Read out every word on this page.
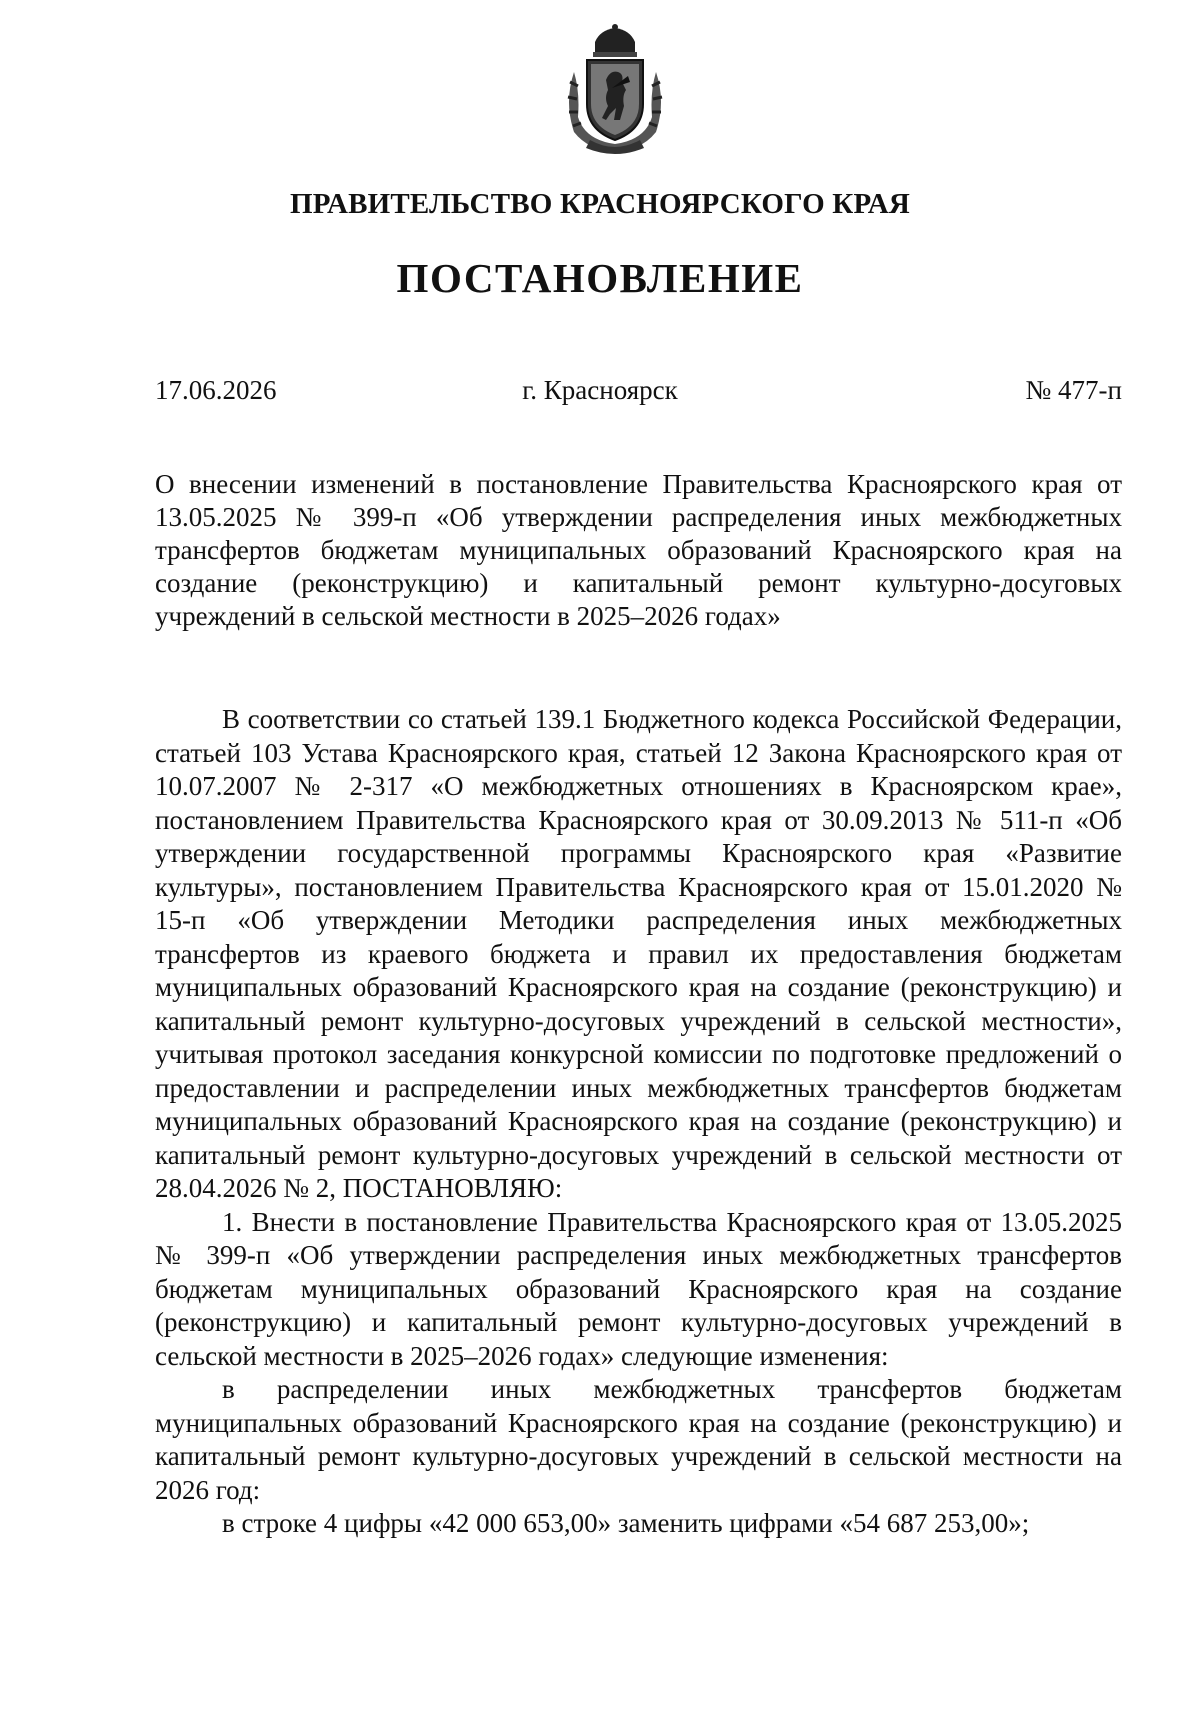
ПРАВИТЕЛЬСТВО КРАСНОЯРСКОГО КРАЯ
ПОСТАНОВЛЕНИЕ
17.06.2026	г. Красноярск	№ 477-п
О внесении изменений в постановление Правительства Красноярского края от 13.05.2025 № 399-п «Об утверждении распределения иных межбюджетных трансфертов бюджетам муниципальных образований Красноярского края на создание (реконструкцию) и капитальный ремонт культурно-досуговых учреждений в сельской местности в 2025–2026 годах»

В соответствии со статьей 139.1 Бюджетного кодекса Российской Федерации, статьей 103 Устава Красноярского края, статьей 12 Закона Красноярского края от 10.07.2007 № 2-317 «О межбюджетных отношениях в Красноярском крае», постановлением Правительства Красноярского края от 30.09.2013 № 511-п «Об утверждении государственной программы Красноярского края «Развитие культуры», постановлением Правительства Красноярского края от 15.01.2020 № 15-п «Об утверждении Методики распределения иных межбюджетных трансфертов из краевого бюджета и правил их предоставления бюджетам муниципальных образований Красноярского края на создание (реконструкцию) и капитальный ремонт культурно-досуговых учреждений в сельской местности», учитывая протокол заседания конкурсной комиссии по подготовке предложений о предоставлении и распределении иных межбюджетных трансфертов бюджетам муниципальных образований Красноярского края на создание (реконструкцию) и капитальный ремонт культурно-досуговых учреждений в сельской местности от 28.04.2026 № 2, ПОСТАНОВЛЯЮ:

1. Внести в постановление Правительства Красноярского края от 13.05.2025 № 399-п «Об утверждении распределения иных межбюджетных трансфертов бюджетам муниципальных образований Красноярского края на создание (реконструкцию) и капитальный ремонт культурно-досуговых учреждений в сельской местности в 2025–2026 годах» следующие изменения:

в распределении иных межбюджетных трансфертов бюджетам муниципальных образований Красноярского края на создание (реконструкцию) и капитальный ремонт культурно-досуговых учреждений в сельской местности на 2026 год:

в строке 4 цифры «42 000 653,00» заменить цифрами «54 687 253,00»;
